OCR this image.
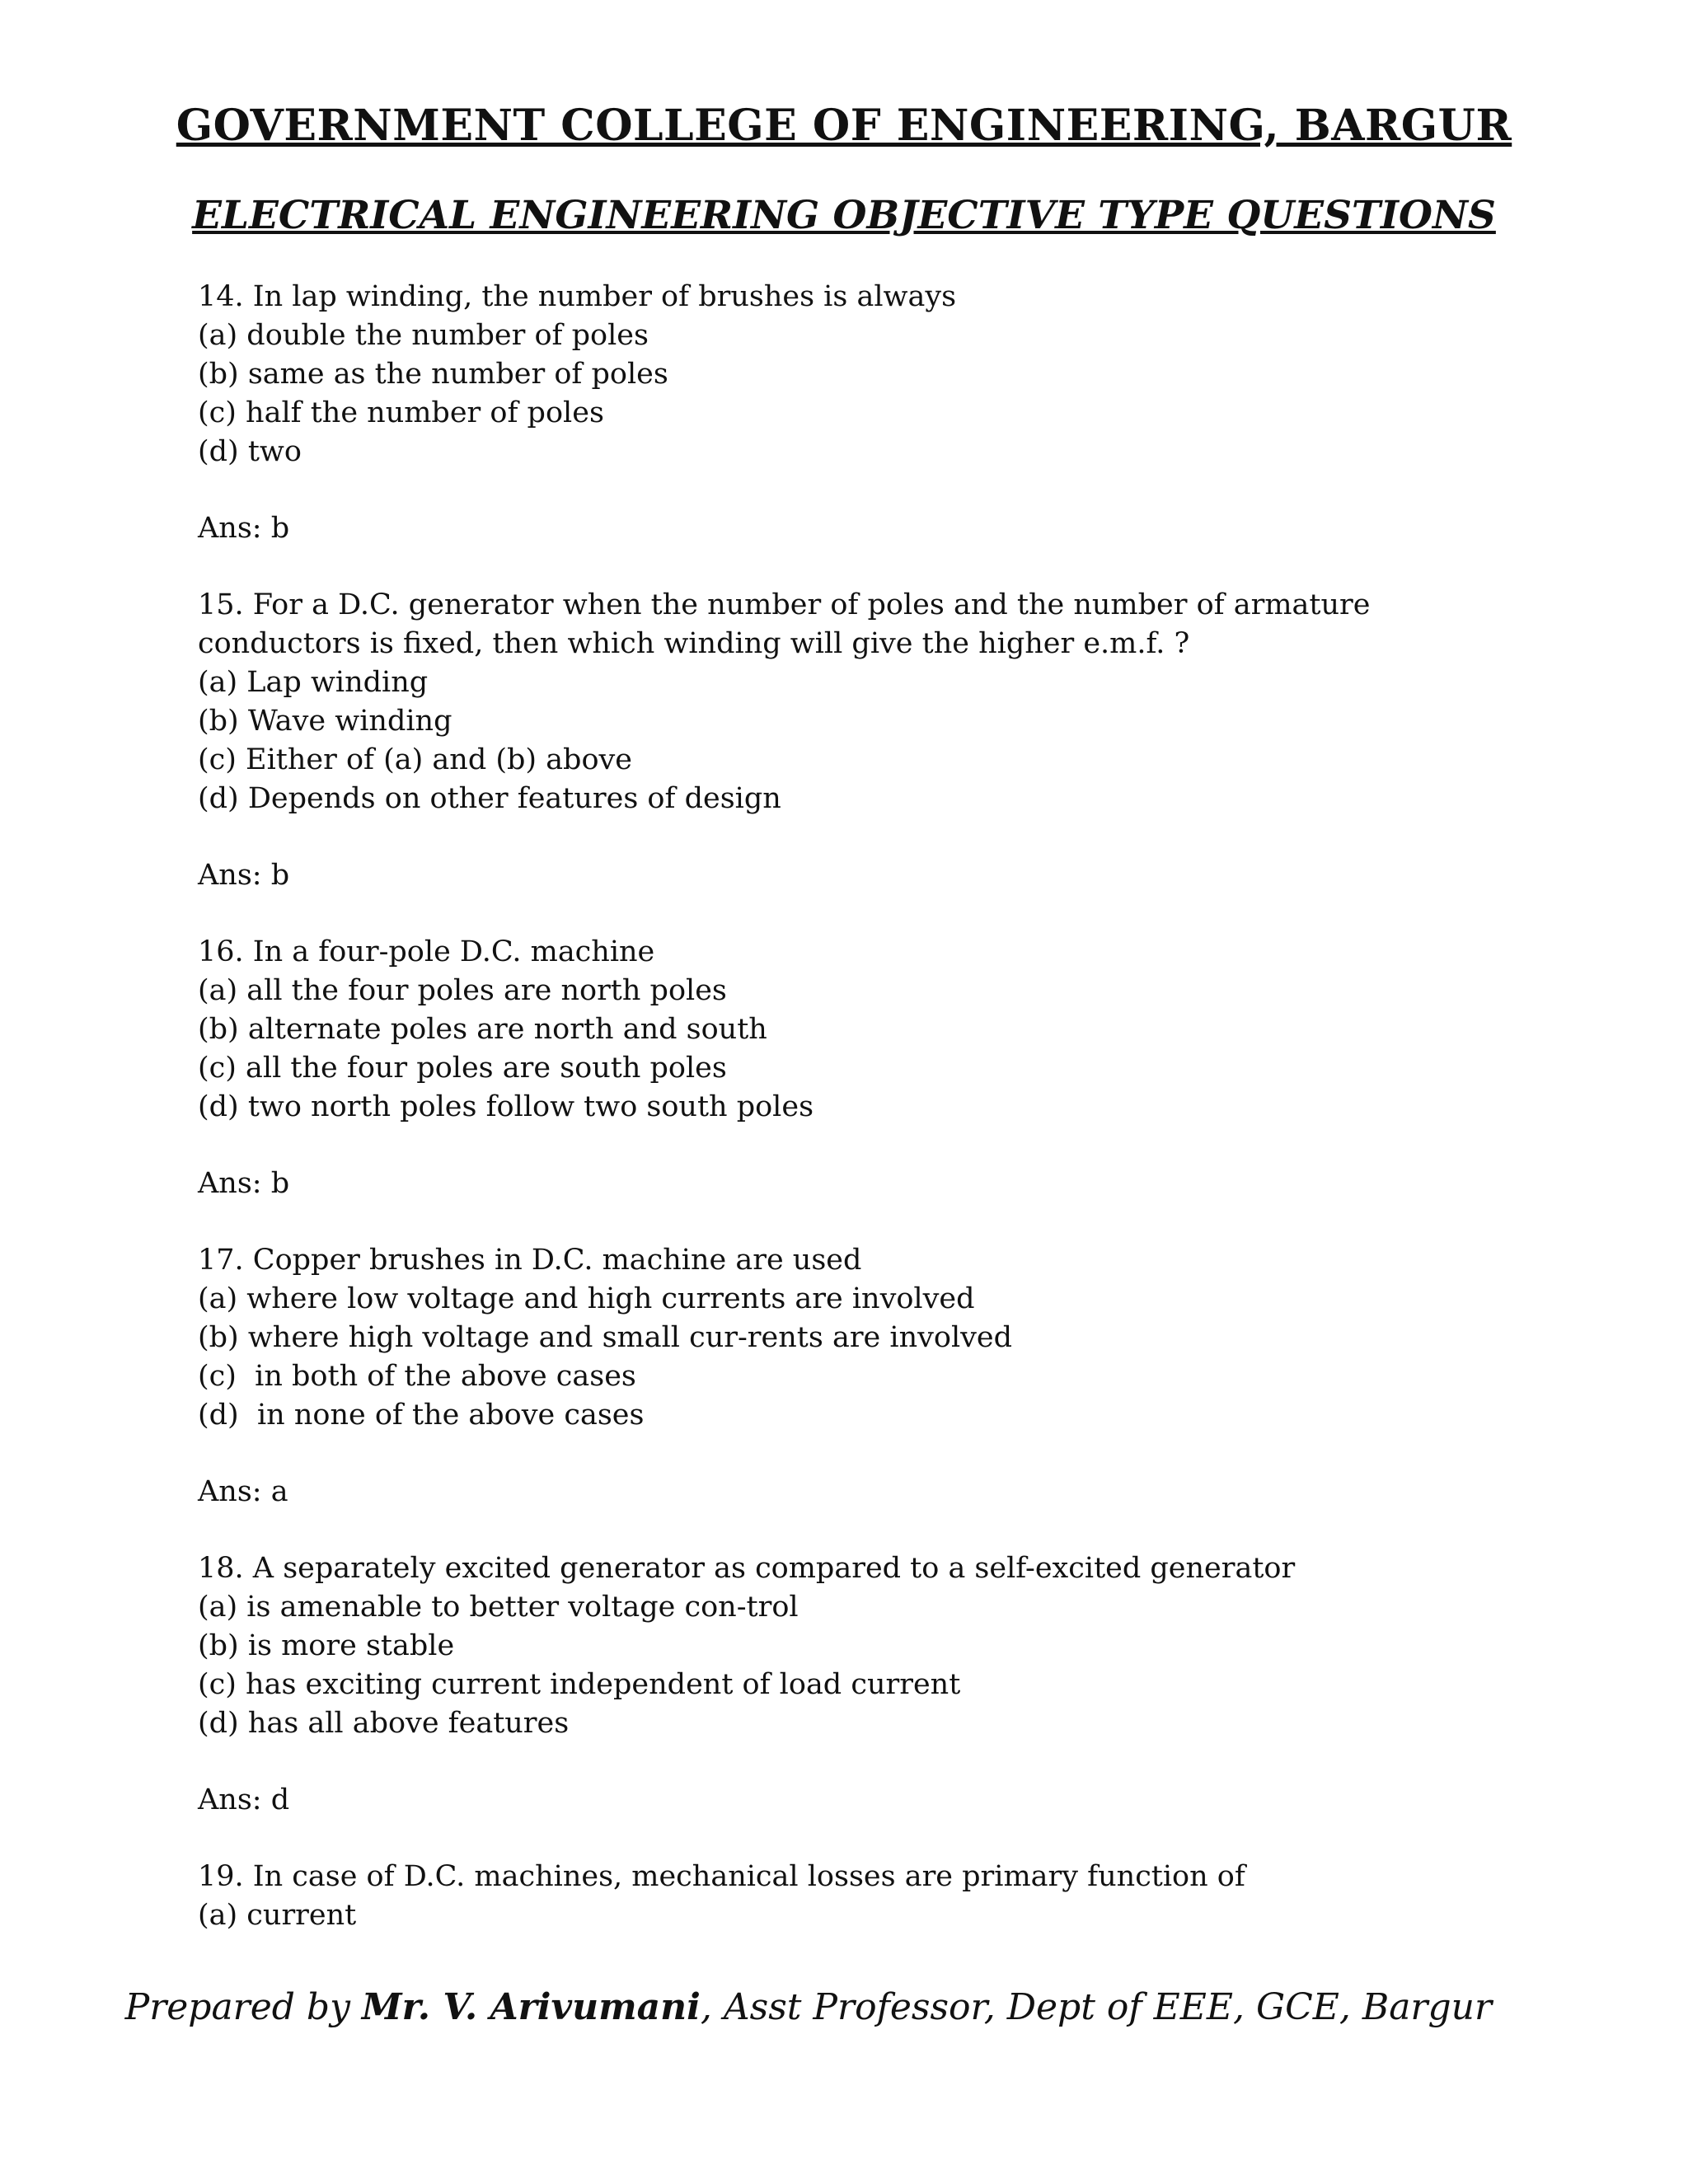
GOVERNMENT COLLEGE OF ENGINEERING, BARGUR
ELECTRICAL ENGINEERING OBJECTIVE TYPE QUESTIONS
14. In lap winding, the number of brushes is always
(a) double the number of poles
(b) same as the number of poles
(c) half the number of poles
(d) two
Ans: b
15. For a D.C. generator when the number of poles and the number of armature conductors is fixed, then which winding will give the higher e.m.f. ?
(a) Lap winding
(b) Wave winding
(c) Either of (a) and (b) above
(d) Depends on other features of design
Ans: b
16. In a four-pole D.C. machine
(a) all the four poles are north poles
(b) alternate poles are north and south
(c) all the four poles are south poles
(d) two north poles follow two south poles
Ans: b
17. Copper brushes in D.C. machine are used
(a) where low voltage and high currents are involved
(b) where high voltage and small cur-rents are involved
(c)  in both of the above cases
(d)  in none of the above cases
Ans: a
18. A separately excited generator as compared to a self-excited generator
(a) is amenable to better voltage con-trol
(b) is more stable
(c) has exciting current independent of load current
(d) has all above features
Ans: d
19. In case of D.C. machines, mechanical losses are primary function of
(a) current
Prepared by Mr. V. Arivumani, Asst Professor, Dept of EEE, GCE, Bargur
